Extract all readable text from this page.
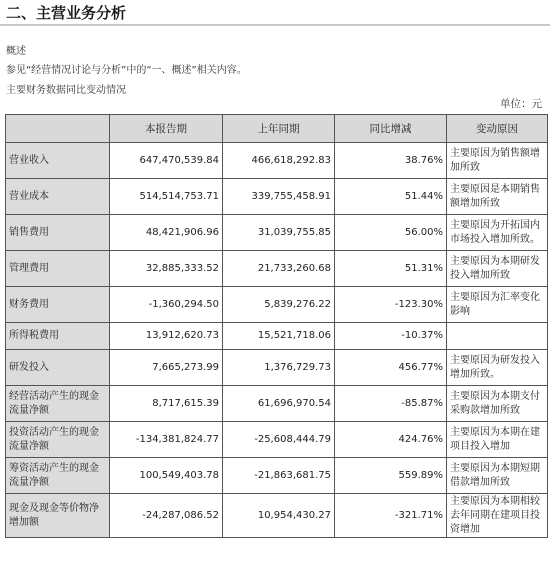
二、主营业务分析
概述
参见“经营情况讨论与分析”中的“一、概述”相关内容。
主要财务数据同比变动情况
单位：元
	本报告期	上年同期	同比增减	变动原因
营业收入	647,470,539.84	466,618,292.83	38.76%	主要原因为销售额增加所致
营业成本	514,514,753.71	339,755,458.91	51.44%	主要原因是本期销售额增加所致
销售费用	48,421,906.96	31,039,755.85	56.00%	主要原因为开拓国内市场投入增加所致。
管理费用	32,885,333.52	21,733,260.68	51.31%	主要原因为本期研发投入增加所致
财务费用	-1,360,294.50	5,839,276.22	-123.30%	主要原因为汇率变化影响
所得税费用	13,912,620.73	15,521,718.06	-10.37%	
研发投入	7,665,273.99	1,376,729.73	456.77%	主要原因为研发投入增加所致。
经营活动产生的现金流量净额	8,717,615.39	61,696,970.54	-85.87%	主要原因为本期支付采购款增加所致
投资活动产生的现金流量净额	-134,381,824.77	-25,608,444.79	424.76%	主要原因为本期在建项目投入增加
筹资活动产生的现金流量净额	100,549,403.78	-21,863,681.75	559.89%	主要原因为本期短期借款增加所致
现金及现金等价物净增加额	-24,287,086.52	10,954,430.27	-321.71%	主要原因为本期相较去年同期在建项目投资增加
